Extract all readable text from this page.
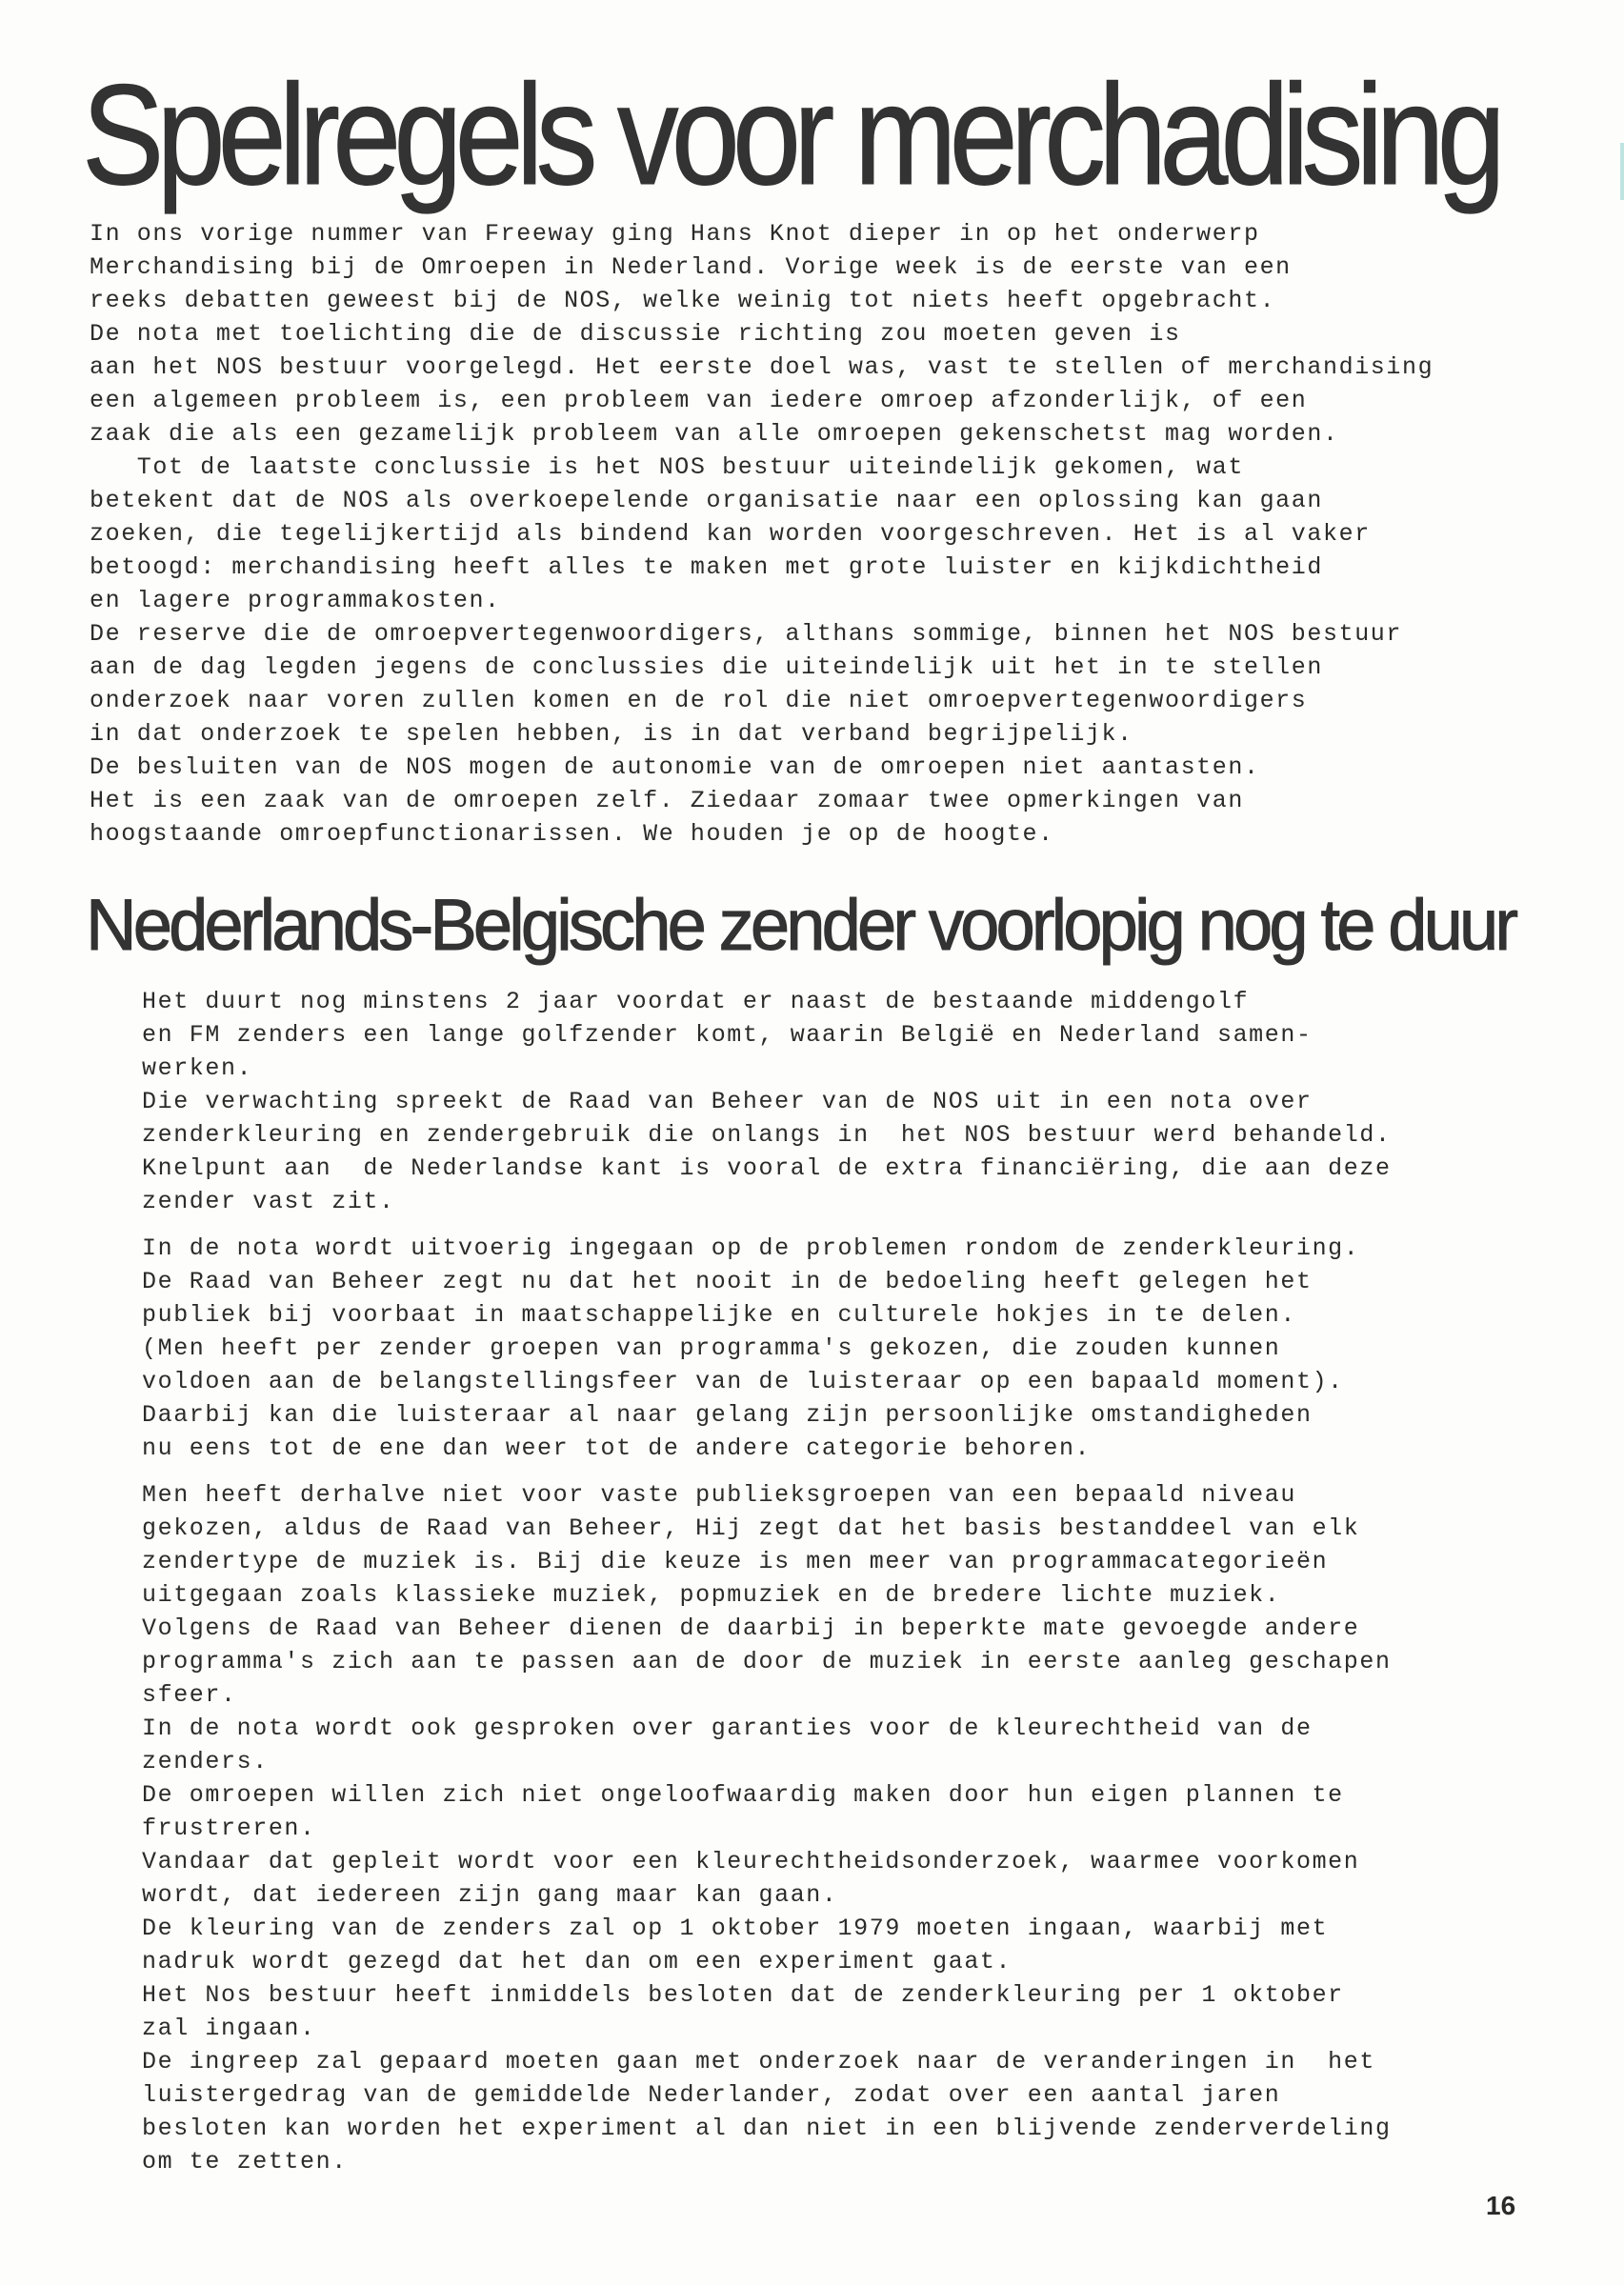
Spelregels voor merchadising
In ons vorige nummer van Freeway ging Hans Knot dieper in op het onderwerp
Merchandising bij de Omroepen in Nederland. Vorige week is de eerste van een
reeks debatten geweest bij de NOS, welke weinig tot niets heeft opgebracht.
De nota met toelichting die de discussie richting zou moeten geven is
aan het NOS bestuur voorgelegd. Het eerste doel was, vast te stellen of merchandising
een algemeen probleem is, een probleem van iedere omroep afzonderlijk, of een
zaak die als een gezamelijk probleem van alle omroepen gekenschetst mag worden.
Tot de laatste conclussie is het NOS bestuur uiteindelijk gekomen, wat
betekent dat de NOS als overkoepelende organisatie naar een oplossing kan gaan
zoeken, die tegelijkertijd als bindend kan worden voorgeschreven. Het is al vaker
betoogd: merchandising heeft alles te maken met grote luister en kijkdichtheid
en lagere programmakosten.
De reserve die de omroepvertegenwoordigers, althans sommige, binnen het NOS bestuur
aan de dag legden jegens de conclussies die uiteindelijk uit het in te stellen
onderzoek naar voren zullen komen en de rol die niet omroepvertegenwoordigers
in dat onderzoek te spelen hebben, is in dat verband begrijpelijk.
De besluiten van de NOS mogen de autonomie van de omroepen niet aantasten.
Het is een zaak van de omroepen zelf. Ziedaar zomaar twee opmerkingen van
hoogstaande omroepfunctionarissen. We houden je op de hoogte.
Nederlands-Belgische zender voorlopig nog te duur
Het duurt nog minstens 2 jaar voordat er naast de bestaande middengolf
en FM zenders een lange golfzender komt, waarin België en Nederland samen-
werken.
Die verwachting spreekt de Raad van Beheer van de NOS uit in een nota over
zenderkleuring en zendergebruik die onlangs in  het NOS bestuur werd behandeld.
Knelpunt aan  de Nederlandse kant is vooral de extra financiëring, die aan deze
zender vast zit.
In de nota wordt uitvoerig ingegaan op de problemen rondom de zenderkleuring.
De Raad van Beheer zegt nu dat het nooit in de bedoeling heeft gelegen het
publiek bij voorbaat in maatschappelijke en culturele hokjes in te delen.
(Men heeft per zender groepen van programma's gekozen, die zouden kunnen
voldoen aan de belangstellingsfeer van de luisteraar op een bapaald moment).
Daarbij kan die luisteraar al naar gelang zijn persoonlijke omstandigheden
nu eens tot de ene dan weer tot de andere categorie behoren.
Men heeft derhalve niet voor vaste publieksgroepen van een bepaald niveau
gekozen, aldus de Raad van Beheer, Hij zegt dat het basis bestanddeel van elk
zendertype de muziek is. Bij die keuze is men meer van programmacategorieën
uitgegaan zoals klassieke muziek, popmuziek en de bredere lichte muziek.
Volgens de Raad van Beheer dienen de daarbij in beperkte mate gevoegde andere
programma's zich aan te passen aan de door de muziek in eerste aanleg geschapen
sfeer.
In de nota wordt ook gesproken over garanties voor de kleurechtheid van de
zenders.
De omroepen willen zich niet ongeloofwaardig maken door hun eigen plannen te
frustreren.
Vandaar dat gepleit wordt voor een kleurechtheidsonderzoek, waarmee voorkomen
wordt, dat iedereen zijn gang maar kan gaan.
De kleuring van de zenders zal op 1 oktober 1979 moeten ingaan, waarbij met
nadruk wordt gezegd dat het dan om een experiment gaat.
Het Nos bestuur heeft inmiddels besloten dat de zenderkleuring per 1 oktober
zal ingaan.
De ingreep zal gepaard moeten gaan met onderzoek naar de veranderingen in  het
luistergedrag van de gemiddelde Nederlander, zodat over een aantal jaren
besloten kan worden het experiment al dan niet in een blijvende zenderverdeling
om te zetten.
16
